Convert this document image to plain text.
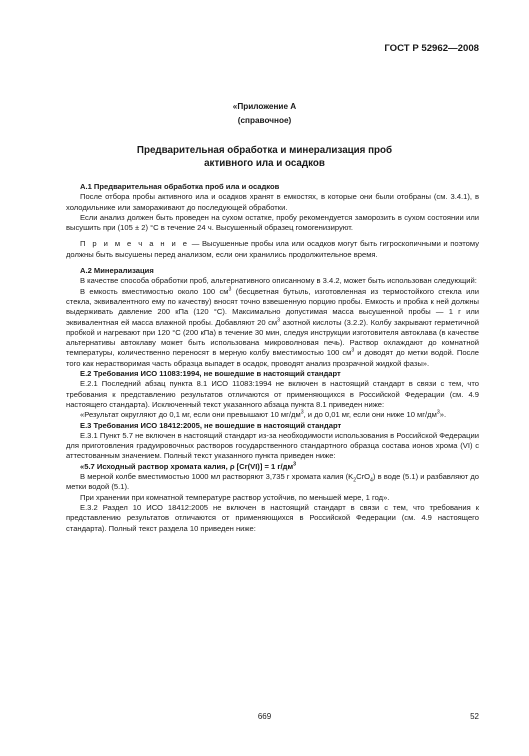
ГОСТ Р 52962—2008
«Приложение А
(справочное)
Предварительная обработка и минерализация проб
активного ила и осадков

А.1 Предварительная обработка проб ила и осадков

После отбора пробы активного ила и осадков хранят в емкостях, в которые они были отобраны (см. 3.4.1), в холодильнике или замораживают до последующей обработки.

Если анализ должен быть проведен на сухом остатке, пробу рекомендуется заморозить в сухом состоянии или высушить при (105 ± 2) °С в течение 24 ч. Высушенный образец гомогенизируют.

П р и м е ч а н и е — Высушенные пробы ила или осадков могут быть гигроскопичными и поэтому должны быть высушены перед анализом, если они хранились продолжительное время.

А.2 Минерализация

В качестве способа обработки проб, альтернативного описанному в 3.4.2, может быть использован следующий:

В емкость вместимостью около 100 $см^3$ (бесцветная бутыль, изготовленная из термостойкого стекла или стекла, эквивалентного ему по качеству) вносят точно взвешенную порцию пробы. Емкость и пробка к ней должны выдерживать давление 200 кПа (120 °С). Максимально допустимая масса высушенной пробы — 1 г или эквивалентная ей масса влажной пробы. Добавляют 20 $см^3$ азотной кислоты (3.2.2). Колбу закрывают герметичной пробкой и нагревают при 120 °С (200 кПа) в течение 30 мин, следуя инструкции изготовителя автоклава (в качестве альтернативы автоклаву может быть использована микроволновая печь). Раствор охлаждают до комнатной температуры, количественно переносят в мерную колбу вместимостью 100 $см^3$ и доводят до метки водой. После того как нерастворимая часть образца выпадет в осадок, проводят анализ прозрачной жидкой фазы».

Е.2 Требования ИСО 11083:1994, не вошедшие в настоящий стандарт

Е.2.1 Последний абзац пункта 8.1 ИСО 11083:1994 не включен в настоящий стандарт в связи с тем, что требования к представлению результатов отличаются от применяющихся в Российской Федерации (см. 4.9 настоящего стандарта). Исключенный текст указанного абзаца пункта 8.1 приведен ниже:

«Результат округляют до 0,1 мг, если они превышают 10 $мг/дм^3$, и до 0,01 мг, если они ниже 10 $мг/дм^3$».

Е.3 Требования ИСО 18412:2005, не вошедшие в настоящий стандарт

Е.3.1 Пункт 5.7 не включен в настоящий стандарт из-за необходимости использования в Российской Федерации для приготовления градуировочных растворов государственного стандартного образца состава ионов хрома (VI) с аттестованным значением. Полный текст указанного пункта приведен ниже:

«5.7 Исходный раствор хромата калия, ρ [Cr(VI)] = 1 $г/дм^3$

В мерной колбе вместимостью 1000 мл растворяют 3,735 г хромата калия $(K_2CrO_4)$ в воде (5.1) и разбавляют до метки водой (5.1).

При хранении при комнатной температуре раствор устойчив, по меньшей мере, 1 год».

Е.3.2 Раздел 10 ИСО 18412:2005 не включен в настоящий стандарт в связи с тем, что требования к представлению результатов отличаются от применяющихся в Российской Федерации (см. 4.9 настоящего стандарта). Полный текст раздела 10 приведен ниже:

669	52
